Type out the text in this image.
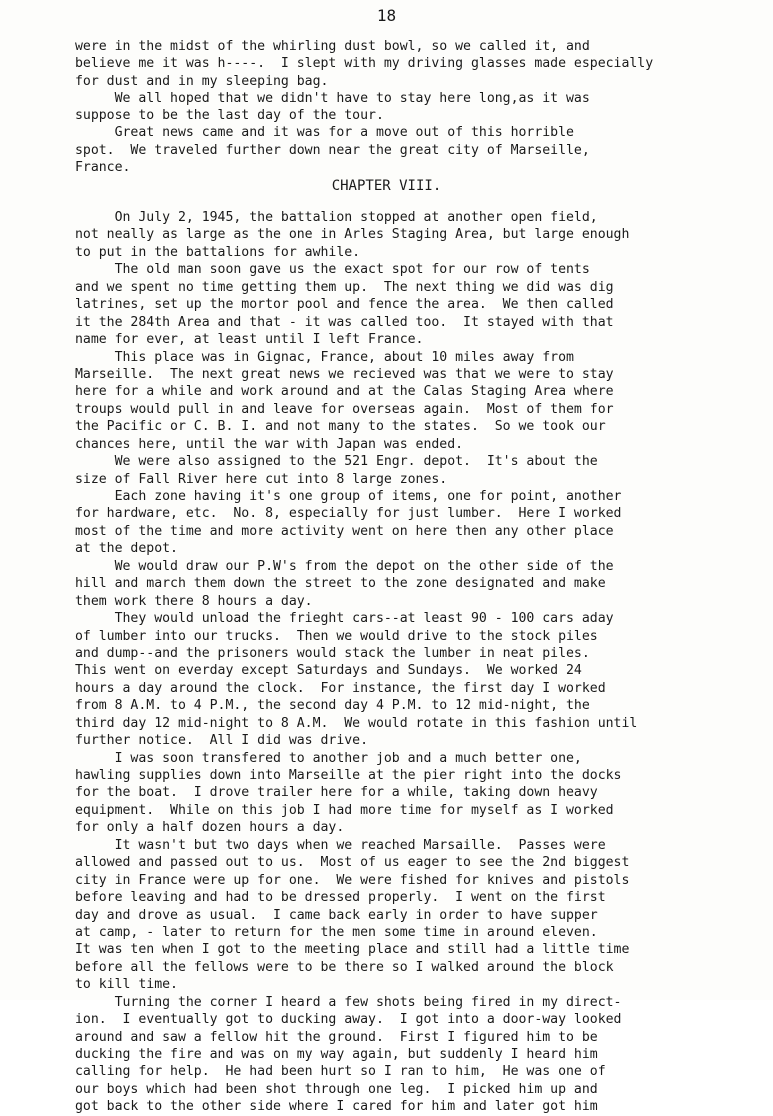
18
were in the midst of the whirling dust bowl, so we called it, and
believe me it was h----.  I slept with my driving glasses made especially
for dust and in my sleeping bag.
We all hoped that we didn't have to stay here long,as it was
suppose to be the last day of the tour.
Great news came and it was for a move out of this horrible
spot.  We traveled further down near the great city of Marseille,
France.
CHAPTER VIII.
On July 2, 1945, the battalion stopped at another open field,
not neally as large as the one in Arles Staging Area, but large enough
to put in the battalions for awhile.
The old man soon gave us the exact spot for our row of tents
and we spent no time getting them up.  The next thing we did was dig
latrines, set up the mortor pool and fence the area.  We then called
it the 284th Area and that - it was called too.  It stayed with that
name for ever, at least until I left France.
This place was in Gignac, France, about 10 miles away from
Marseille.  The next great news we recieved was that we were to stay
here for a while and work around and at the Calas Staging Area where
troups would pull in and leave for overseas again.  Most of them for
the Pacific or C. B. I. and not many to the states.  So we took our
chances here, until the war with Japan was ended.
We were also assigned to the 521 Engr. depot.  It's about the
size of Fall River here cut into 8 large zones.
Each zone having it's one group of items, one for point, another
for hardware, etc.  No. 8, especially for just lumber.  Here I worked
most of the time and more activity went on here then any other place
at the depot.
We would draw our P.W's from the depot on the other side of the
hill and march them down the street to the zone designated and make
them work there 8 hours a day.
They would unload the frieght cars--at least 90 - 100 cars aday
of lumber into our trucks.  Then we would drive to the stock piles
and dump--and the prisoners would stack the lumber in neat piles.
This went on everday except Saturdays and Sundays.  We worked 24
hours a day around the clock.  For instance, the first day I worked
from 8 A.M. to 4 P.M., the second day 4 P.M. to 12 mid-night, the
third day 12 mid-night to 8 A.M.  We would rotate in this fashion until
further notice.  All I did was drive.
I was soon transfered to another job and a much better one,
hawling supplies down into Marseille at the pier right into the docks
for the boat.  I drove trailer here for a while, taking down heavy
equipment.  While on this job I had more time for myself as I worked
for only a half dozen hours a day.
It wasn't but two days when we reached Marsaille.  Passes were
allowed and passed out to us.  Most of us eager to see the 2nd biggest
city in France were up for one.  We were fished for knives and pistols
before leaving and had to be dressed properly.  I went on the first
day and drove as usual.  I came back early in order to have supper
at camp, - later to return for the men some time in around eleven.
It was ten when I got to the meeting place and still had a little time
before all the fellows were to be there so I walked around the block
to kill time.
Turning the corner I heard a few shots being fired in my direct-
ion.  I eventually got to ducking away.  I got into a door-way looked
around and saw a fellow hit the ground.  First I figured him to be
ducking the fire and was on my way again, but suddenly I heard him
calling for help.  He had been hurt so I ran to him,  He was one of
our boys which had been shot through one leg.  I picked him up and
got back to the other side where I cared for him and later got him
